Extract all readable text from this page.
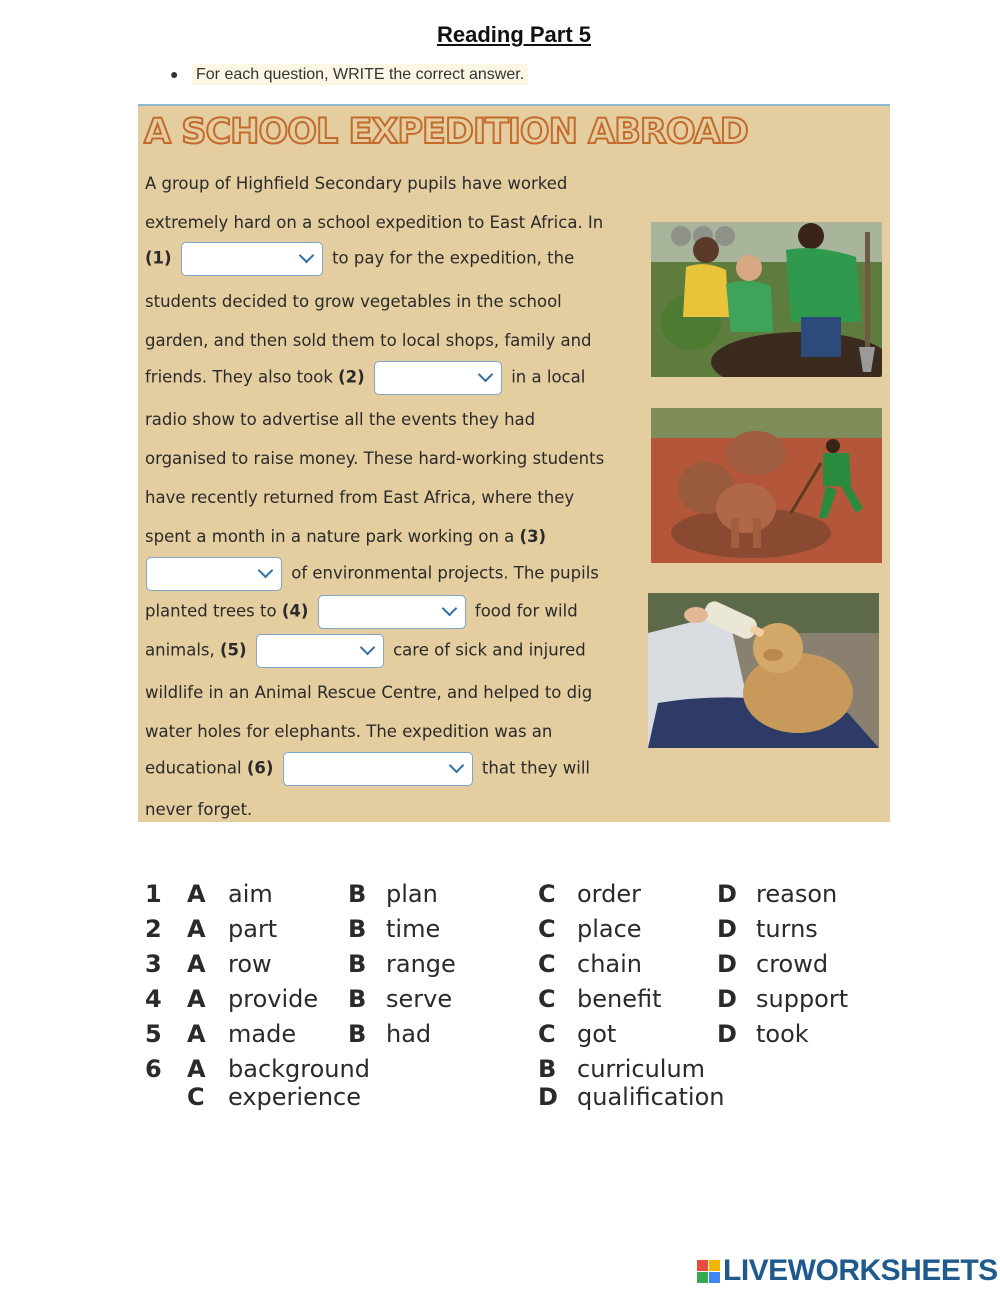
Reading Part 5
● For each question, WRITE the correct answer.
A SCHOOL EXPEDITION ABROAD
A group of Highfield Secondary pupils have worked
extremely hard on a school expedition to East Africa. In
(1)	to pay for the expedition, the
students decided to grow vegetables in the school
garden, and then sold them to local shops, family and
friends. They also took (2)	in a local
radio show to advertise all the events they had
organised to raise money. These hard-working students
have recently returned from East Africa, where they
spent a month in a nature park working on a (3)
of environmental projects. The pupils
planted trees to (4)	food for wild
animals, (5)	care of sick and injured
wildlife in an Animal Rescue Centre, and helped to dig
water holes for elephants. The expedition was an
educational (6)	that they will
never forget.
1 A aim	B plan	C order	D reason
2 A part	B time	C place	D turns
3 A row	B range	C chain	D crowd
4 A provide B serve	C benefit D support
5 A made B had	C got	D took
6 A background	B curriculum
C experience	D qualification
LIVEWORKSHEETS
